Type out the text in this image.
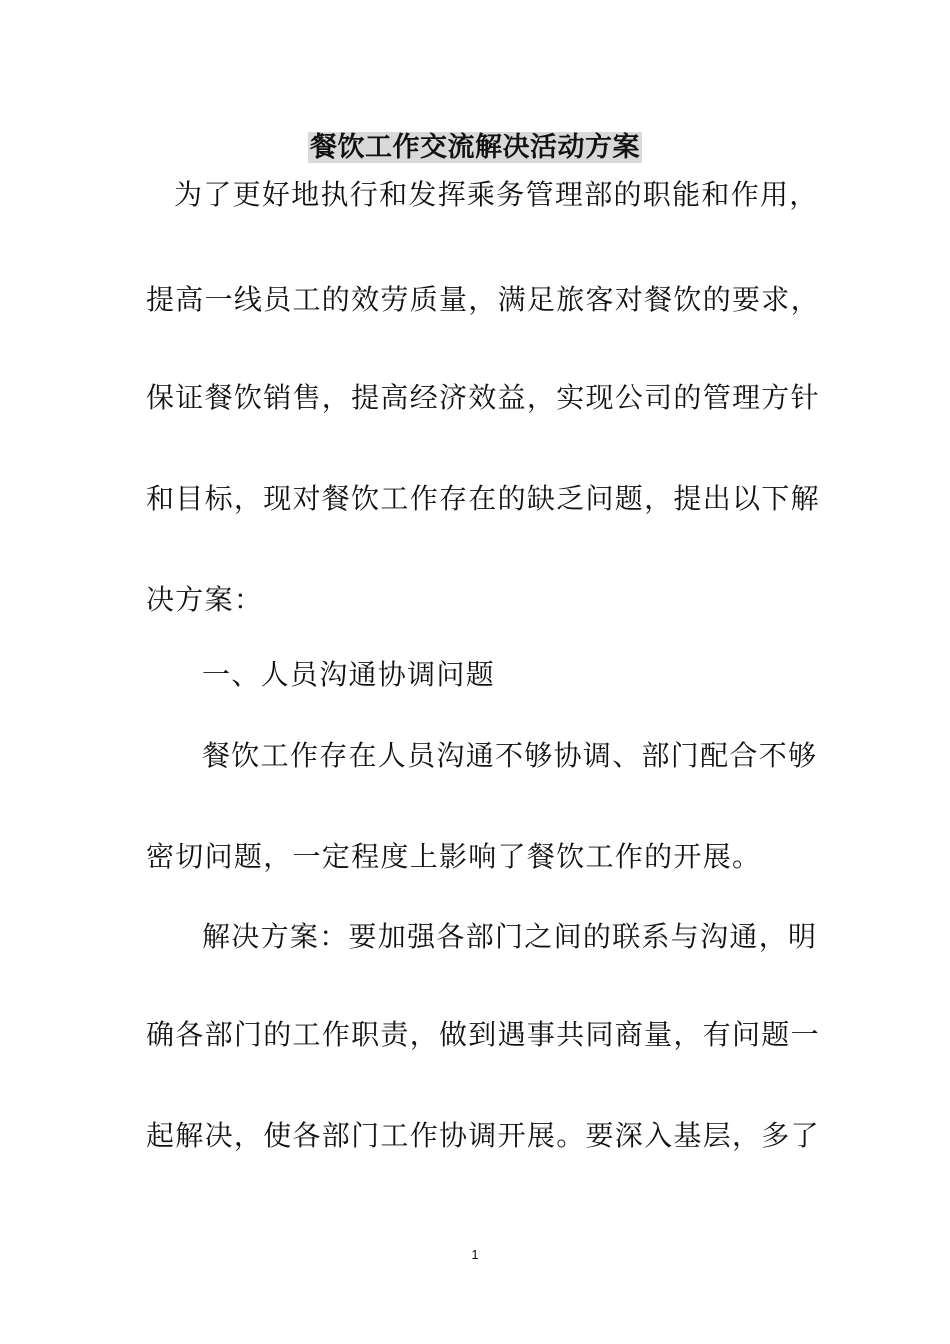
餐饮工作交流解决活动方案
为了更好地执行和发挥乘务管理部的职能和作用，
提高一线员工的效劳质量，满足旅客对餐饮的要求，
保证餐饮销售，提高经济效益，实现公司的管理方针
和目标，现对餐饮工作存在的缺乏问题，提出以下解
决方案：
一、人员沟通协调问题
餐饮工作存在人员沟通不够协调、部门配合不够
密切问题，一定程度上影响了餐饮工作的开展。
解决方案：要加强各部门之间的联系与沟通，明
确各部门的工作职责，做到遇事共同商量，有问题一
起解决，使各部门工作协调开展。要深入基层，多了
1
